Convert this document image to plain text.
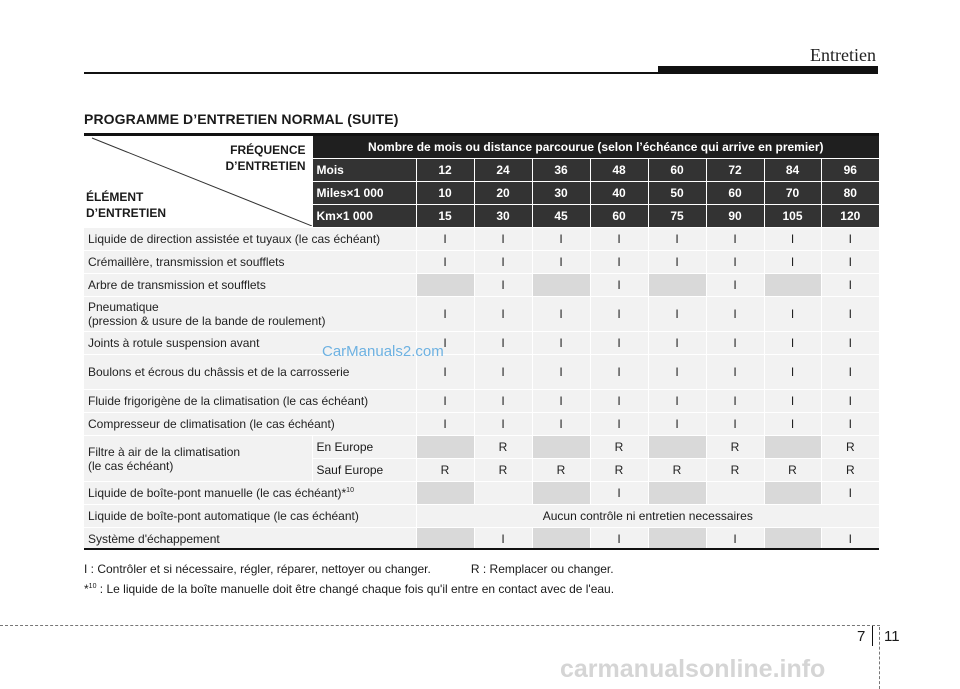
Entretien
PROGRAMME D’ENTRETIEN NORMAL (SUITE)
FRÉQUENCE
D’ENTRETIEN
ÉLÉMENT
D’ENTRETIEN	Nombre de mois ou distance parcourue (selon l’échéance qui arrive en premier)								
	Mois	12	24	36	48	60	72	84	96
	Miles×1 000	10	20	30	40	50	60	70	80
	Km×1 000	15	30	45	60	75	90	105	120
Liquide de direction assistée et tuyaux (le cas échéant)		I	I	I	I	I	I	I	I
Crémaillère, transmission et soufflets		I	I	I	I	I	I	I	I
Arbre de transmission et soufflets			I		I		I		I

Pneumatique
(pression & usure de la bande de roulement)		I	I	I	I	I	I	I	I
Joints à rotule suspension avant		I	I	I	I	I	I	I	I
Boulons et écrous du châssis et de la carrosserie		I	I	I	I	I	I	I	I
Fluide frigorigène de la climatisation (le cas échéant)		I	I	I	I	I	I	I	I
Compresseur de climatisation (le cas échéant)		I	I	I	I	I	I	I	I

Filtre à air de la climatisation
(le cas échéant)	En Europe		R		R		R		R
	Sauf Europe	R	R	R	R	R	R	R	R
Liquide de boîte-pont manuelle (le cas échéant)*$^{10}$					I				I
Liquide de boîte-pont automatique (le cas échéant)		Aucun contrôle ni entretien necessaires							
Système d'échappement			I		I		I		I
I : Contrôler et si nécessaire, régler, réparer, nettoyer ou changer.	R : Remplacer ou changer.
*$^{10}$ : Le liquide de la boîte manuelle doit être changé chaque fois qu'il entre en contact avec de l'eau.
CarManuals2.com
7 11
carmanualsonline.info
